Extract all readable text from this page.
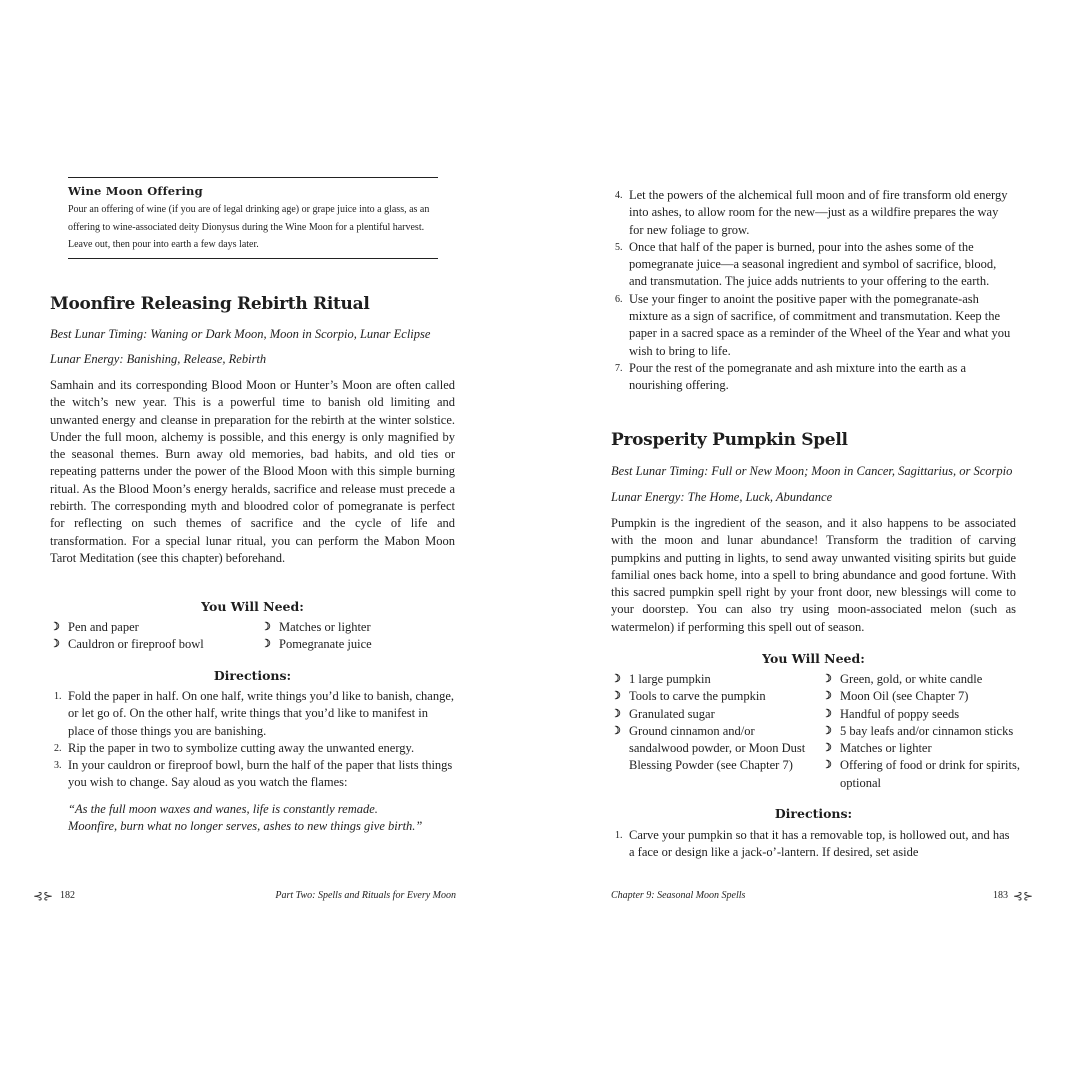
Wine Moon Offering

Pour an offering of wine (if you are of legal drinking age) or grape juice into a glass, as an offering to wine-associated deity Dionysus during the Wine Moon for a plentiful harvest. Leave out, then pour into earth a few days later.

Moonfire Releasing Rebirth Ritual
Best Lunar Timing: Waning or Dark Moon, Moon in Scorpio, Lunar Eclipse
Lunar Energy: Banishing, Release, Rebirth

Samhain and its corresponding Blood Moon or Hunter’s Moon are often called the witch’s new year. This is a powerful time to banish old limiting and unwanted energy and cleanse in preparation for the rebirth at the winter solstice. Under the full moon, alchemy is possible, and this energy is only magnified by the seasonal themes. Burn away old memories, bad habits, and old ties or repeating patterns under the power of the Blood Moon with this simple burning ritual. As the Blood Moon’s energy heralds, sacrifice and release must precede a rebirth. The corresponding myth and bloodred color of pomegranate is perfect for reflecting on such themes of sacrifice and the cycle of life and transformation. For a special lunar ritual, you can perform the Mabon Moon Tarot Meditation (see this chapter) beforehand.

You Will Need:
☽ Pen and paper
☽ Cauldron or fireproof bowl
☽ Matches or lighter
☽ Pomegranate juice
Directions:
1. Fold the paper in half. On one half, write things you’d like to banish, change, or let go of. On the other half, write things that you’d like to manifest in place of those things you are banishing.
2. Rip the paper in two to symbolize cutting away the unwanted energy.
3. In your cauldron or fireproof bowl, burn the half of the paper that lists things you wish to change. Say aloud as you watch the flames:
“As the full moon waxes and wanes, life is constantly remade.
Moonfire, burn what no longer serves, ashes to new things give birth.”
⊰⊱ 182	Part Two: Spells and Rituals for Every Moon
4. Let the powers of the alchemical full moon and of fire transform old energy into ashes, to allow room for the new—just as a wildfire prepares the way for new foliage to grow.
5. Once that half of the paper is burned, pour into the ashes some of the pomegranate juice—a seasonal ingredient and symbol of sacrifice, blood, and transmutation. The juice adds nutrients to your offering to the earth.
6. Use your finger to anoint the positive paper with the pomegranate-ash mixture as a sign of sacrifice, of commitment and transmutation. Keep the paper in a sacred space as a reminder of the Wheel of the Year and what you wish to bring to life.
7. Pour the rest of the pomegranate and ash mixture into the earth as a nourishing offering.
Prosperity Pumpkin Spell
Best Lunar Timing: Full or New Moon; Moon in Cancer, Sagittarius, or Scorpio
Lunar Energy: The Home, Luck, Abundance

Pumpkin is the ingredient of the season, and it also happens to be associated with the moon and lunar abundance! Transform the tradition of carving pumpkins and putting in lights, to send away unwanted visiting spirits but guide familial ones back home, into a spell to bring abundance and good fortune. With this sacred pumpkin spell right by your front door, new blessings will come to your doorstep. You can also try using moon-associated melon (such as watermelon) if performing this spell out of season.

You Will Need:
☽ 1 large pumpkin
☽ Tools to carve the pumpkin
☽ Granulated sugar
☽ Ground cinnamon and/or sandalwood powder, or Moon Dust Blessing Powder (see Chapter 7)
☽ Green, gold, or white candle
☽ Moon Oil (see Chapter 7)
☽ Handful of poppy seeds
☽ 5 bay leafs and/or cinnamon sticks
☽ Matches or lighter
☽ Offering of food or drink for spirits, optional
Directions:
1. Carve your pumpkin so that it has a removable top, is hollowed out, and has a face or design like a jack-o’-lantern. If desired, set aside
Chapter 9: Seasonal Moon Spells	183 ⊰⊱
